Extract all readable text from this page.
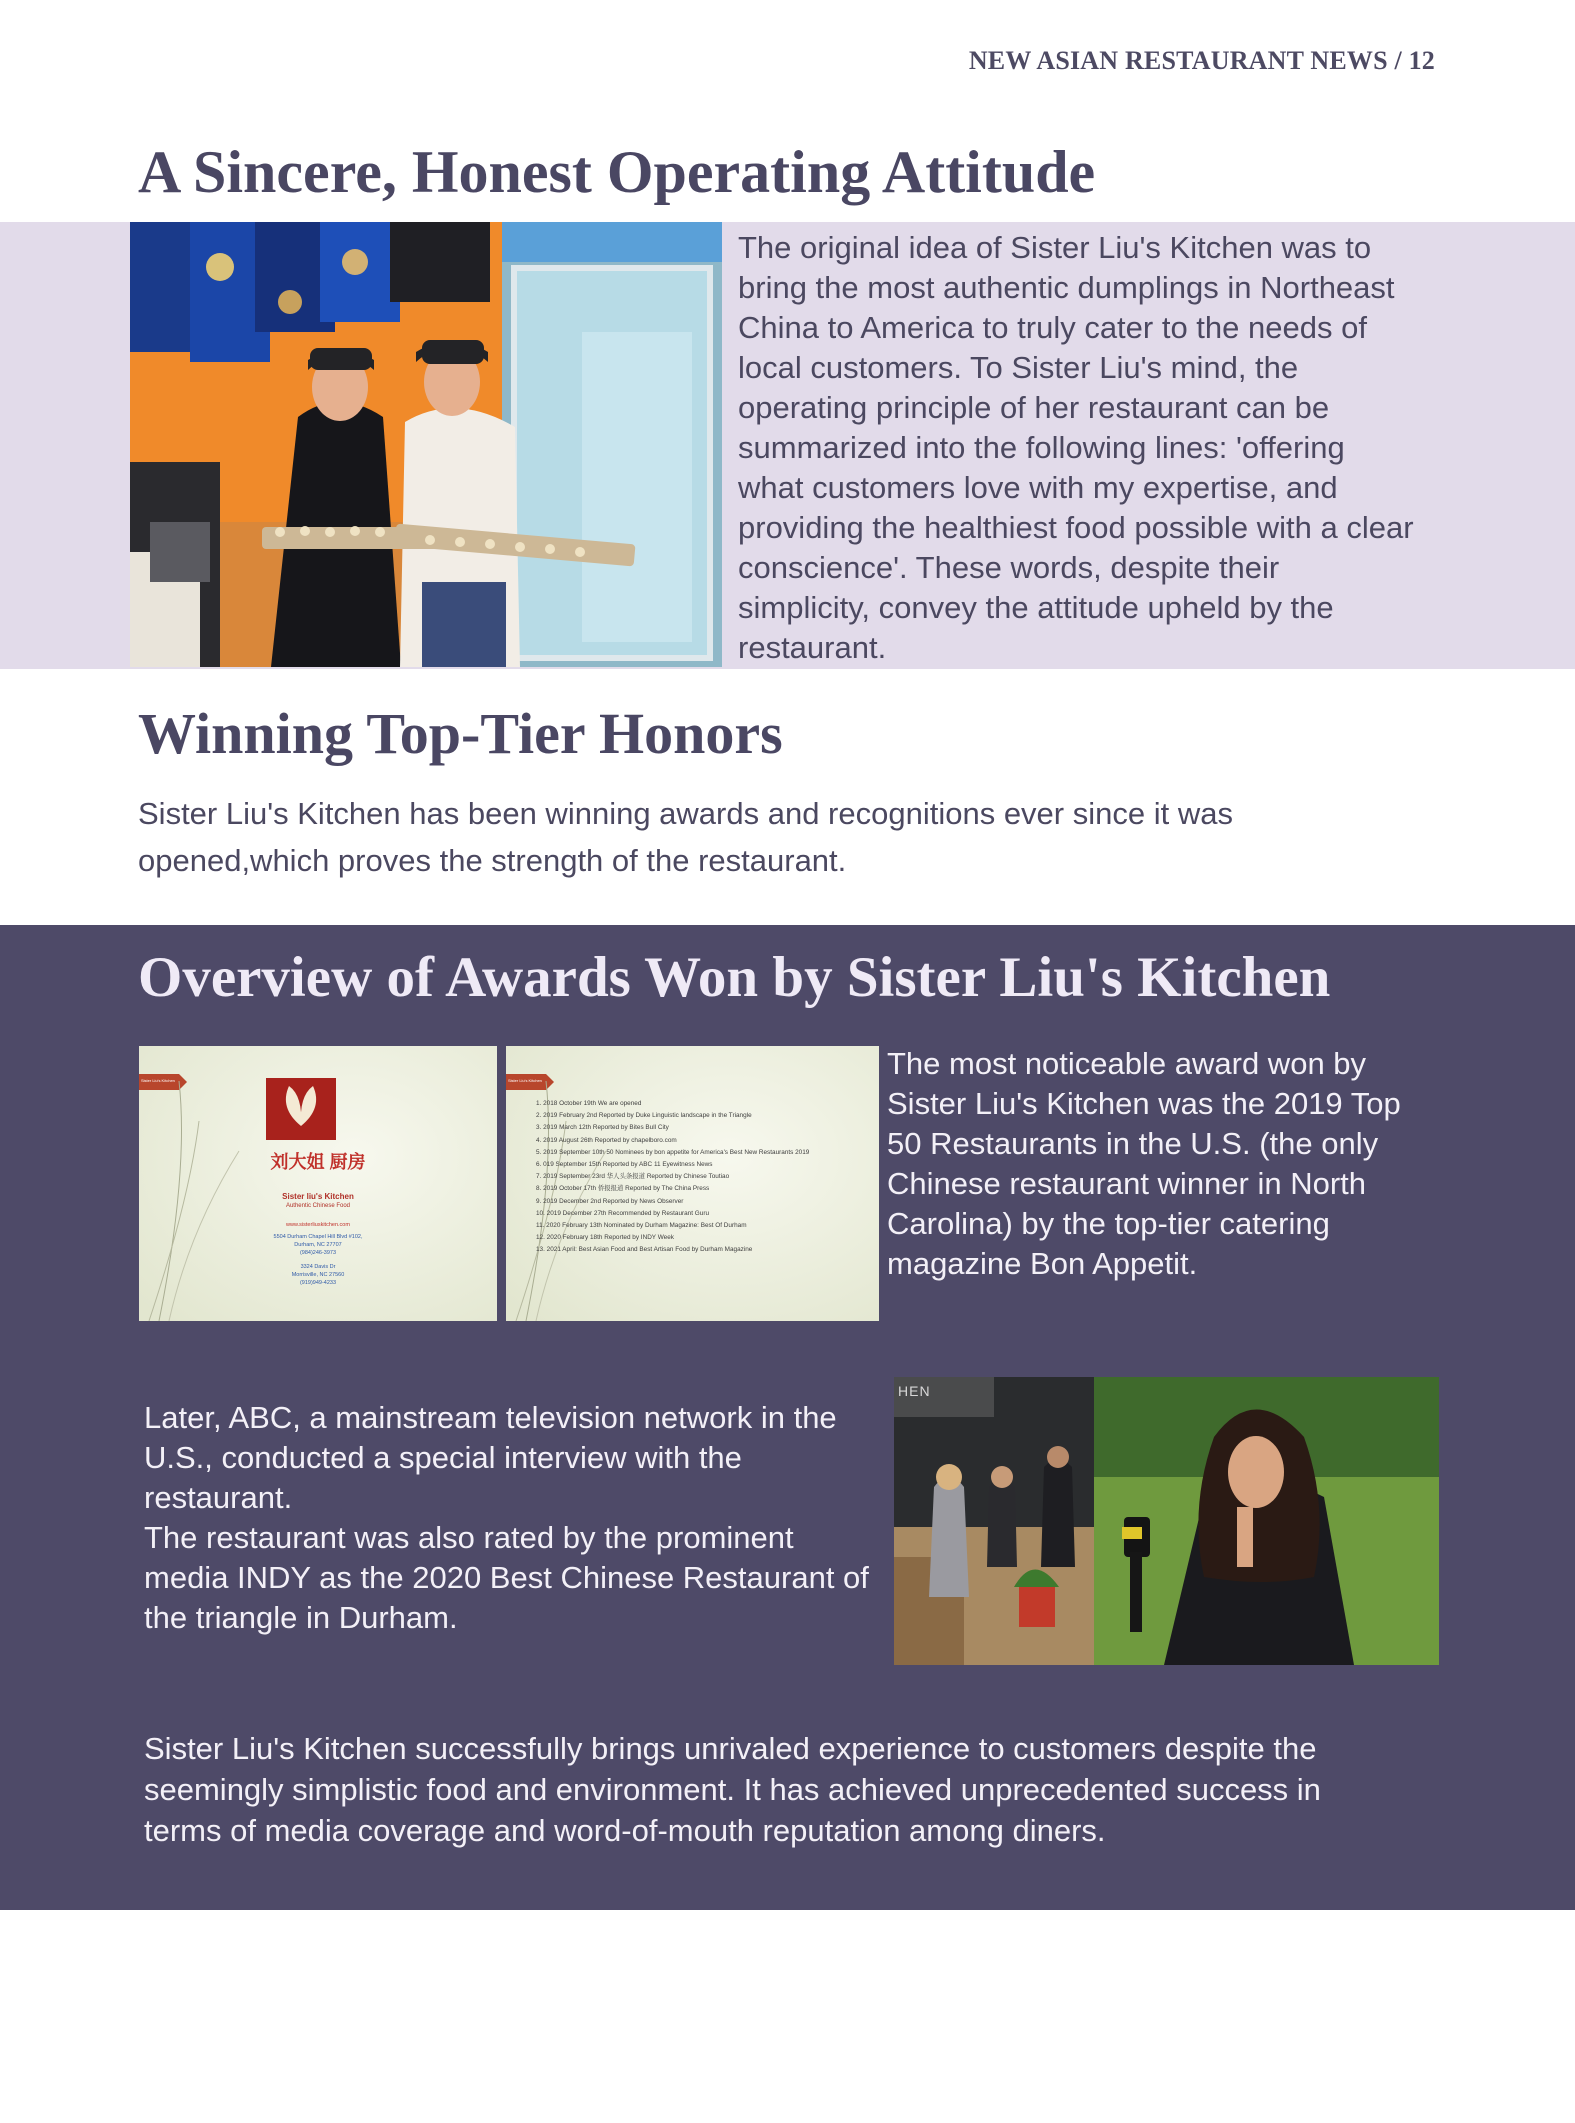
NEW ASIAN RESTAURANT NEWS / 12
A Sincere, Honest Operating Attitude
The original idea of Sister Liu's Kitchen was to
bring the most authentic dumplings in Northeast
China to America to truly cater to the needs of
local customers. To Sister Liu's mind, the
operating principle of her restaurant can be
summarized into the following lines: 'offering
what customers love with my expertise, and
providing the healthiest food possible with a clear
conscience'. These words, despite their
simplicity, convey the attitude upheld by the
restaurant.
Winning Top-Tier Honors
Sister Liu's Kitchen has been winning awards and recognitions ever since it was
opened,which proves the strength of the restaurant.
Overview of Awards Won by Sister Liu's Kitchen
刘大姐 厨房
Sister liu's Kitchen
Authentic Chinese Food
www.sisterliuskitchen.com
5504 Durham Chapel Hill Blvd #102,
Durham, NC 27707
(984)246-3973
3324 Davis Dr
Morrisville, NC 27560
(919)949-4233
Sister Liu's Kitchen	Sister Liu's Kitchen
1. 2018 October 19th We are opened
2. 2019 February 2nd Reported by Duke Linguistic landscape in the Triangle
3. 2019 March 12th Reported by Bites Bull City
4. 2019 August 26th Reported by chapelboro.com
5. 2019 September 10th 50 Nominees by bon appetite for America's Best New Restaurants 2019
6. 019 September 15th Reported by ABC 11 Eyewitness News
7. 2019 September 23rd 华人头条报道 Reported by Chinese Toutiao
8. 2019 October 17th 侨报报道 Reported by The China Press
9. 2019 December 2nd Reported by News Observer
10. 2019 December 27th Recommended by Restaurant Guru
11. 2020 February 13th Nominated by Durham Magazine: Best Of Durham
12. 2020 February 18th Reported by INDY Week
13. 2021 April: Best Asian Food and Best Artisan Food by Durham Magazine
The most noticeable award won by
Sister Liu's Kitchen was the 2019 Top
50 Restaurants in the U.S. (the only
Chinese restaurant winner in North
Carolina) by the top-tier catering
magazine Bon Appetit.
Later, ABC, a mainstream television network in the
U.S., conducted a special interview with the
restaurant.
The restaurant was also rated by the prominent
media INDY as the 2020 Best Chinese Restaurant of
the triangle in Durham.
HEN
Sister Liu's Kitchen successfully brings unrivaled experience to customers despite the
seemingly simplistic food and environment. It has achieved unprecedented success in
terms of media coverage and word-of-mouth reputation among diners.
